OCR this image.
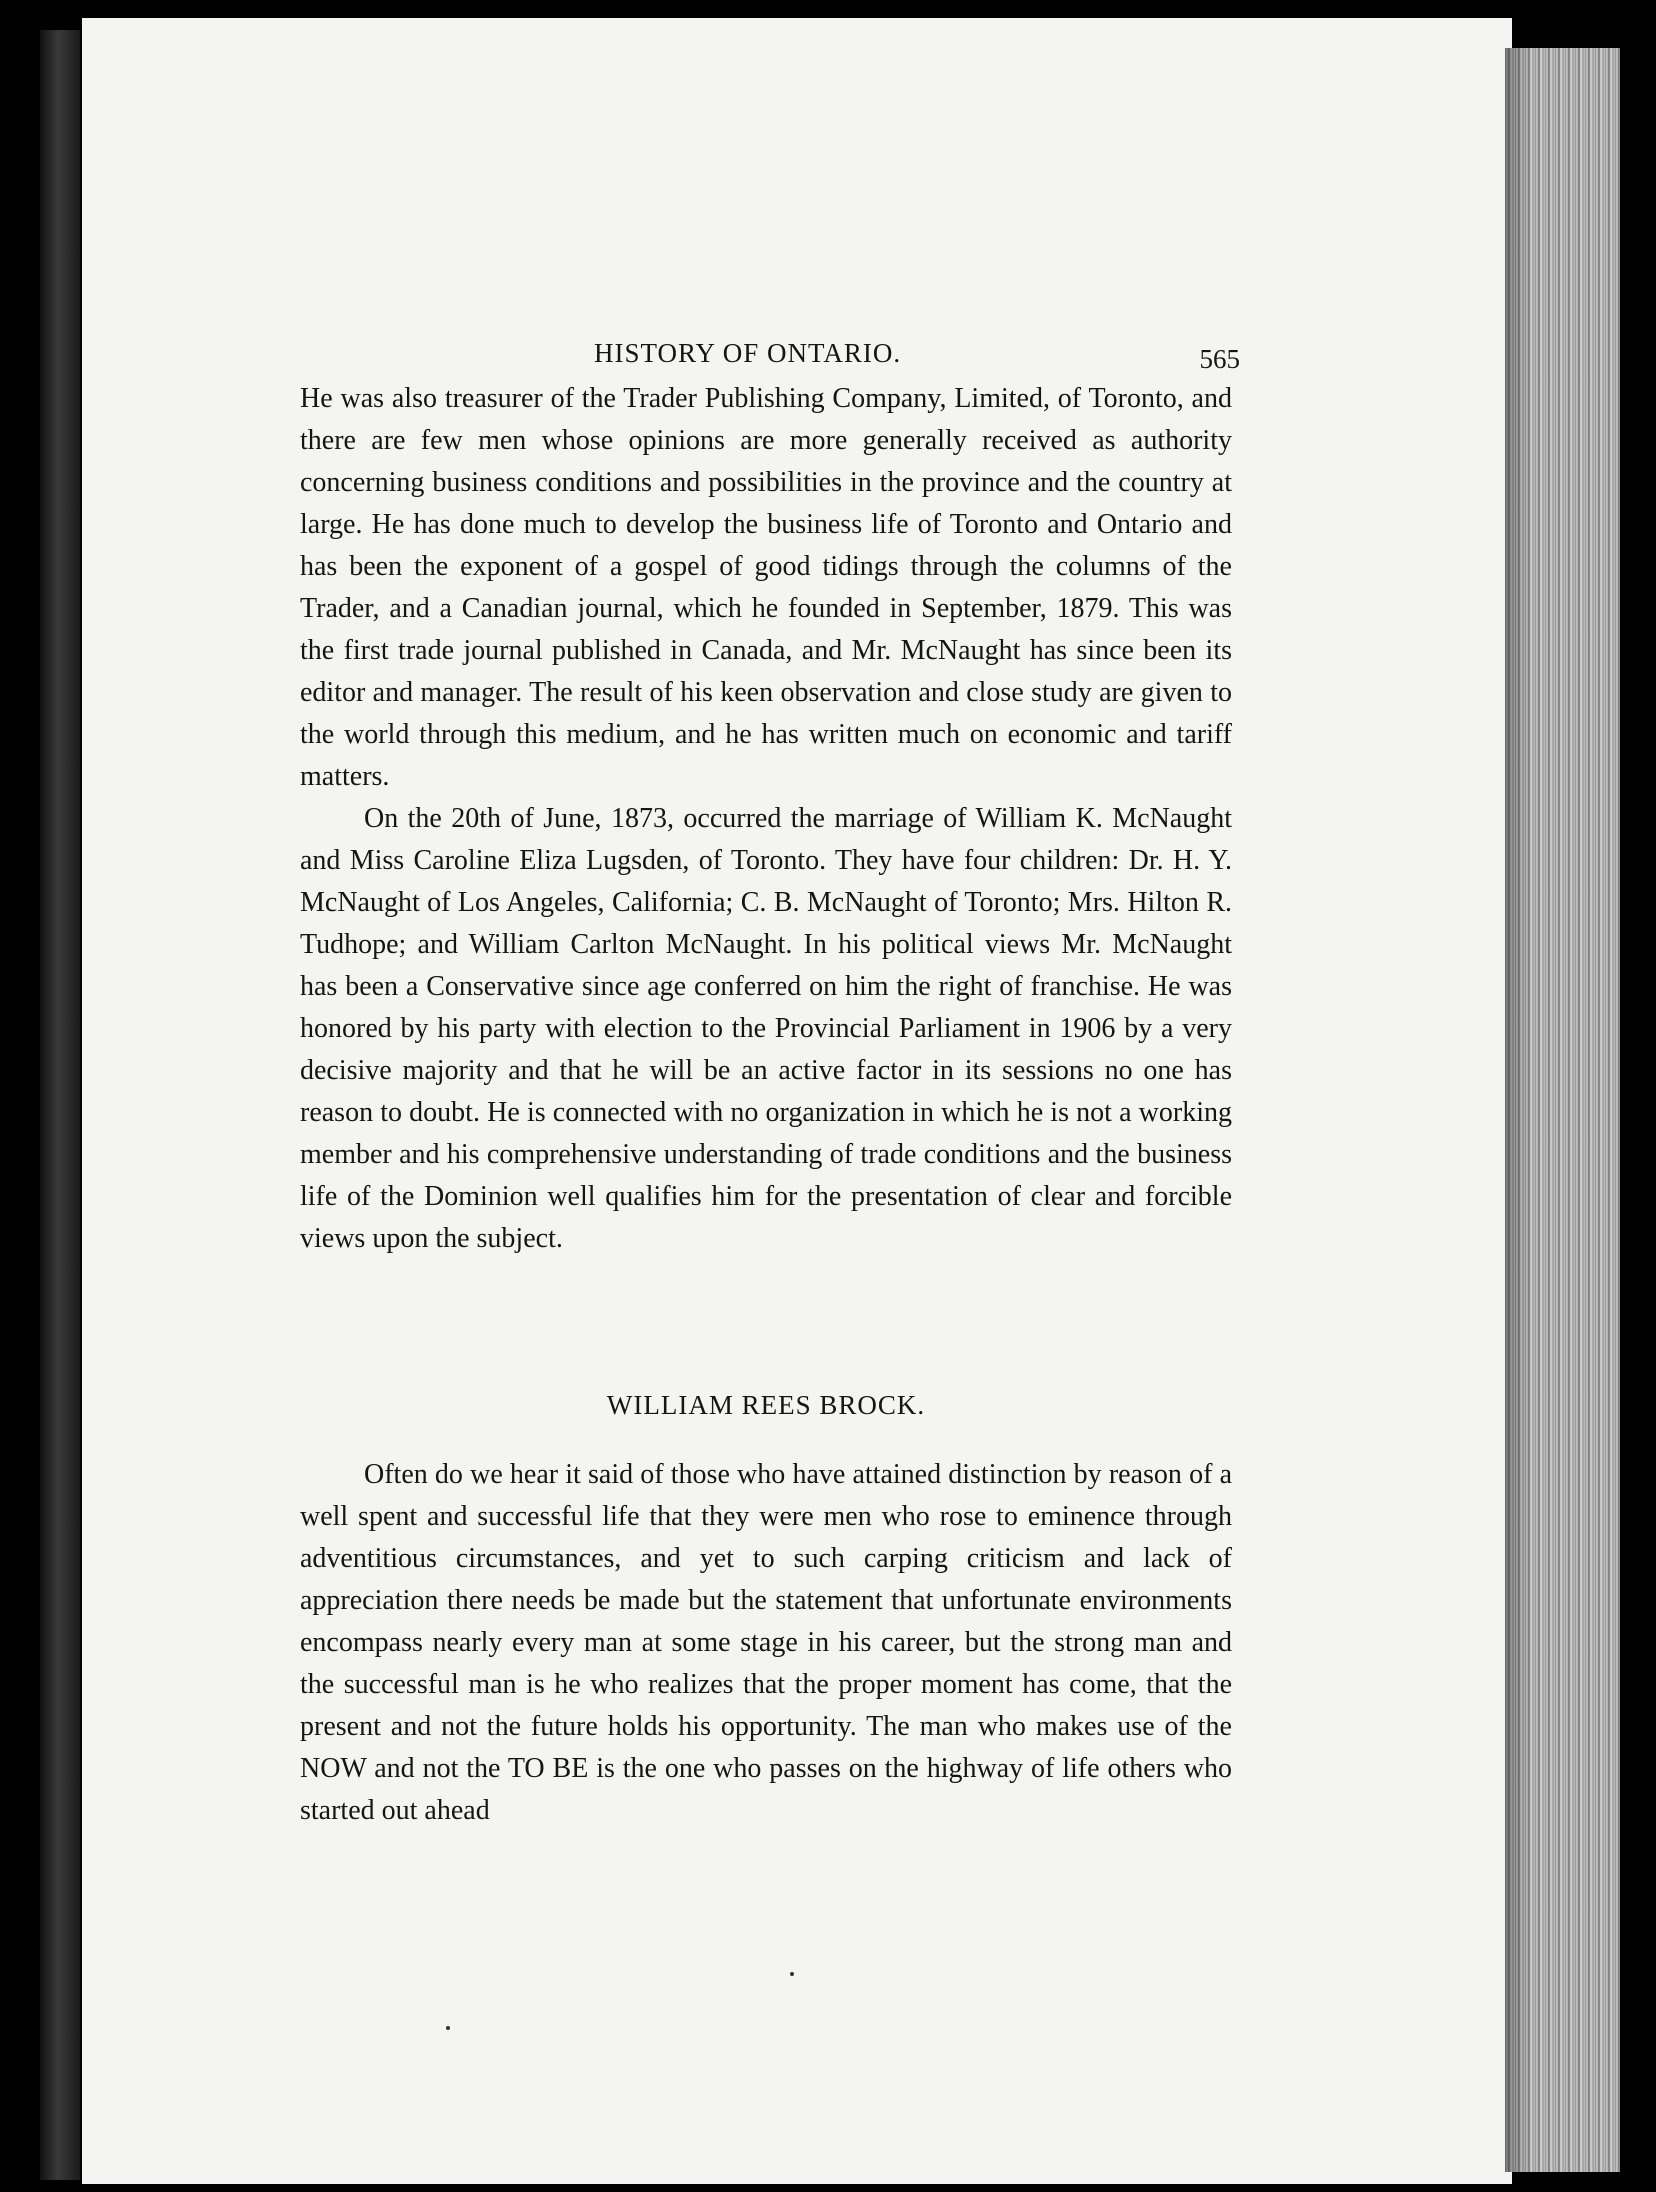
HISTORY OF ONTARIO.	565

He was also treasurer of the Trader Publishing Company, Limited, of Toronto, and there are few men whose opinions are more generally received as authority concerning business conditions and possibilities in the province and the country at large. He has done much to develop the business life of Toronto and Ontario and has been the exponent of a gospel of good tidings through the columns of the Trader, and a Canadian journal, which he founded in September, 1879. This was the first trade journal published in Canada, and Mr. McNaught has since been its editor and manager. The result of his keen observation and close study are given to the world through this medium, and he has written much on economic and tariff matters.

On the 20th of June, 1873, occurred the marriage of William K. McNaught and Miss Caroline Eliza Lugsden, of Toronto. They have four children: Dr. H. Y. McNaught of Los Angeles, California; C. B. McNaught of Toronto; Mrs. Hilton R. Tudhope; and William Carlton McNaught. In his political views Mr. McNaught has been a Conservative since age conferred on him the right of franchise. He was honored by his party with election to the Provincial Parliament in 1906 by a very decisive majority and that he will be an active factor in its sessions no one has reason to doubt. He is connected with no organization in which he is not a working member and his comprehensive understanding of trade conditions and the business life of the Dominion well qualifies him for the presentation of clear and forcible views upon the subject.

WILLIAM REES BROCK.

Often do we hear it said of those who have attained distinction by reason of a well spent and successful life that they were men who rose to eminence through adventitious circumstances, and yet to such carping criticism and lack of appreciation there needs be made but the statement that unfortunate environments encompass nearly every man at some stage in his career, but the strong man and the successful man is he who realizes that the proper moment has come, that the present and not the future holds his opportunity. The man who makes use of the NOW and not the TO BE is the one who passes on the highway of life others who started out ahead
